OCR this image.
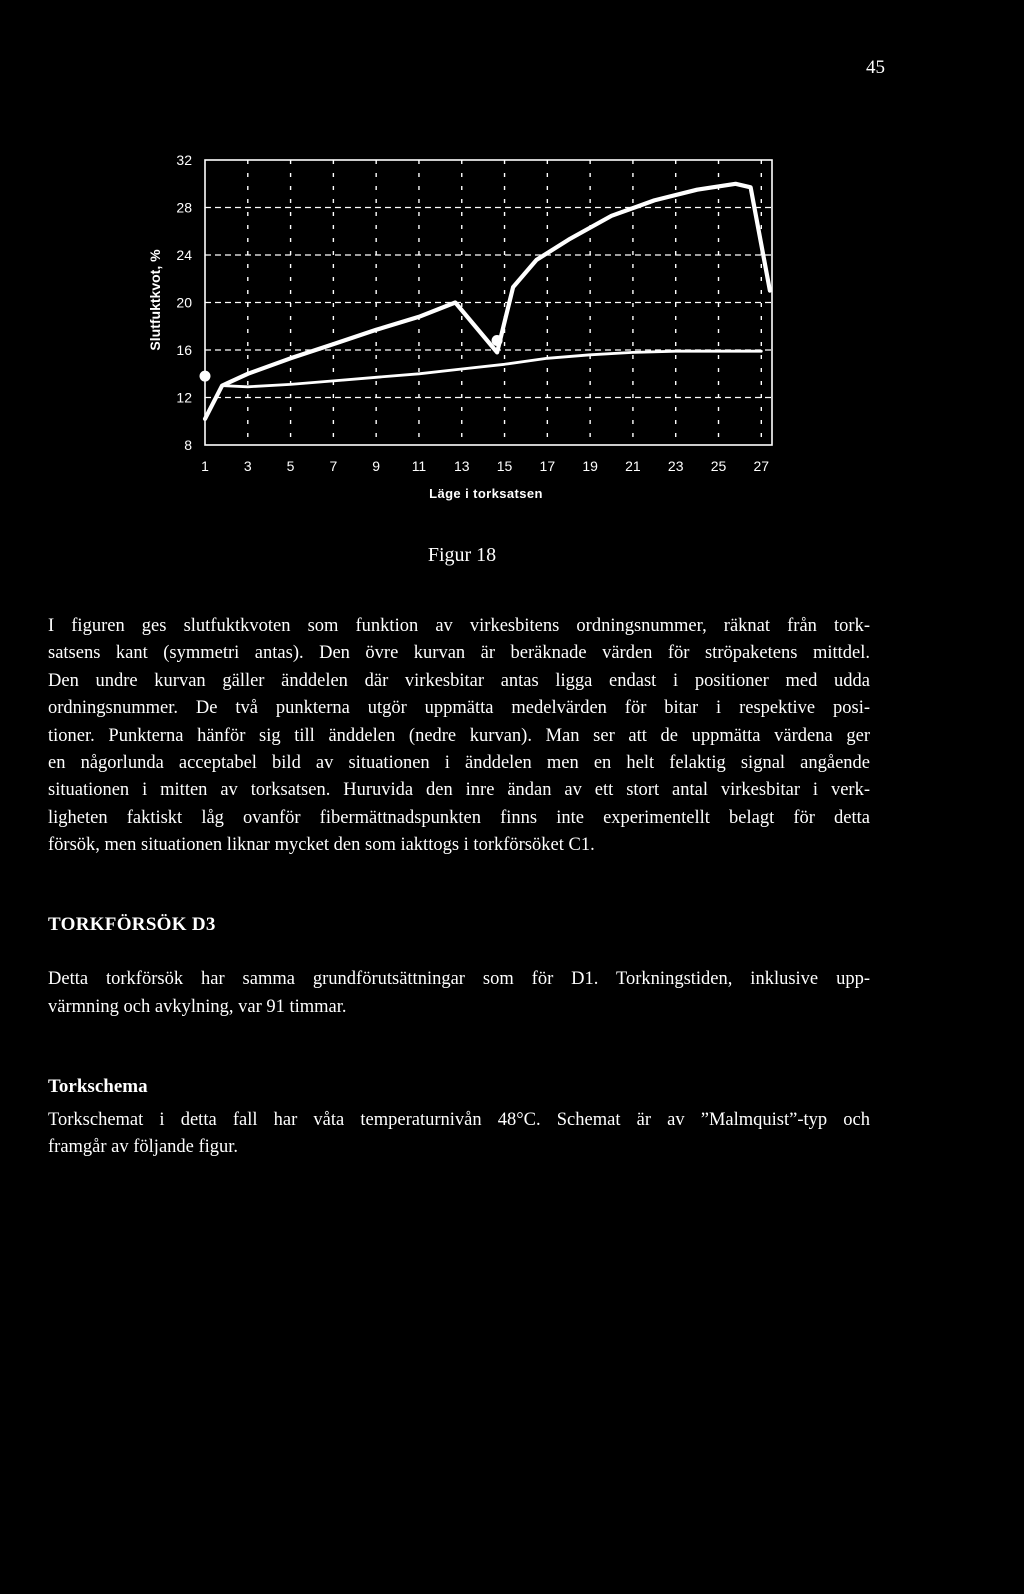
45
8
12
16
20
24
28
32
1 3 5 7 9 11 13 15 17 19 21 23 25 27
Slutfuktkvot, %
Läge i torksatsen
Figur 18
I figuren ges slutfuktkvoten som funktion av virkesbitens ordningsnummer, räknat från tork-
satsens kant (symmetri antas). Den övre kurvan är beräknade värden för ströpaketens mittdel.
Den undre kurvan gäller änddelen där virkesbitar antas ligga endast i positioner med udda
ordningsnummer. De två punkterna utgör uppmätta medelvärden för bitar i respektive posi-
tioner. Punkterna hänför sig till änddelen (nedre kurvan). Man ser att de uppmätta värdena ger
en någorlunda acceptabel bild av situationen i änddelen men en helt felaktig signal angående
situationen i mitten av torksatsen. Huruvida den inre ändan av ett stort antal virkesbitar i verk-
ligheten faktiskt låg ovanför fibermättnadspunkten finns inte experimentellt belagt för detta
försök, men situationen liknar mycket den som iakttogs i torkförsöket C1.
TORKFÖRSÖK D3
Detta torkförsök har samma grundförutsättningar som för D1. Torkningstiden, inklusive upp-
värmning och avkylning, var 91 timmar.
Torkschema
Torkschemat i detta fall har våta temperaturnivån 48°C. Schemat är av ”Malmquist”-typ och
framgår av följande figur.
